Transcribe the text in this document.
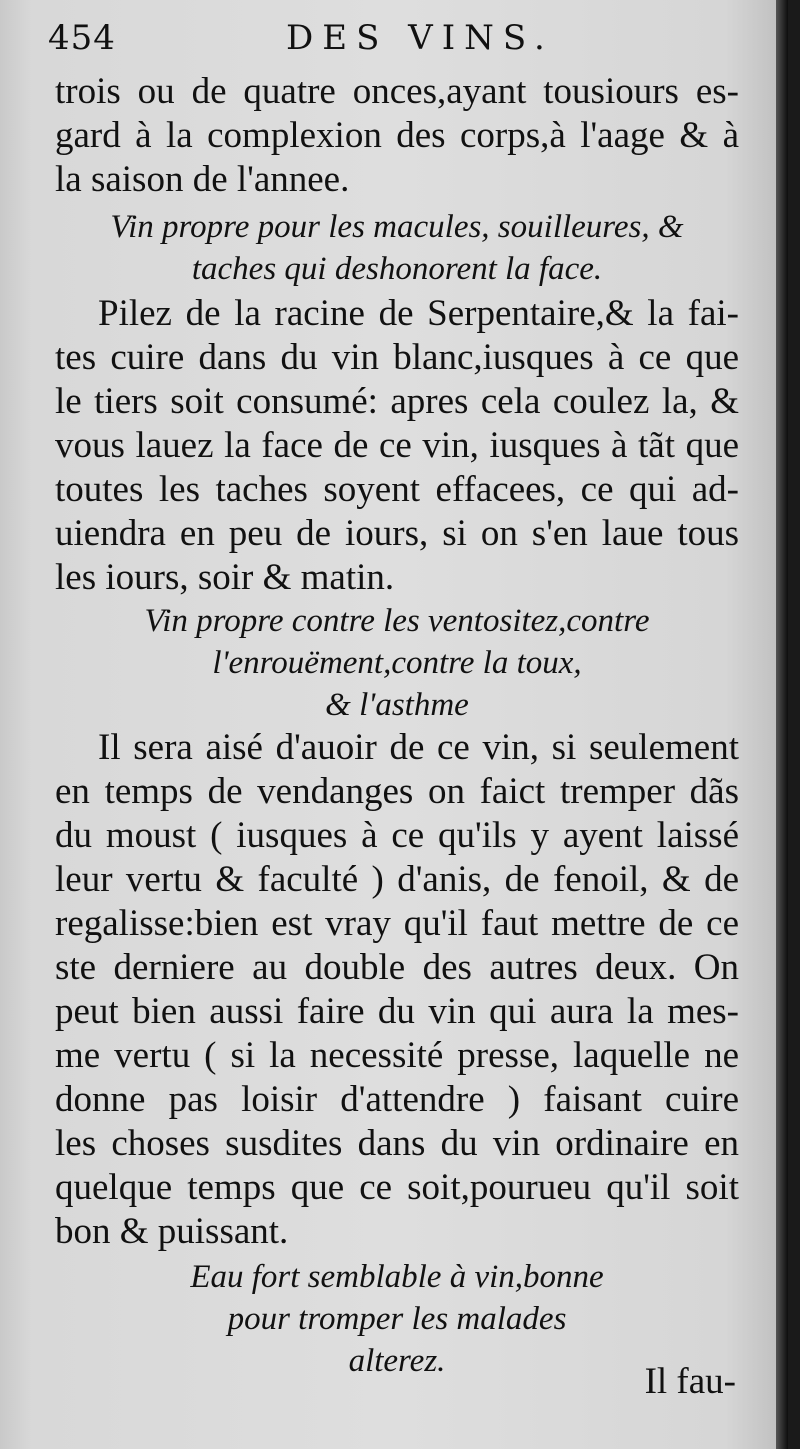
454	DES VINS.
trois ou de quatre onces,ayant tousiours es-
gard à la complexion des corps,à l'aage & à
la saison de l'annee.
Vin propre pour les macules, souilleures, &
taches qui deshonorent la face.
Pilez de la racine de Serpentaire,& la fai-
tes cuire dans du vin blanc,iusques à ce que
le tiers soit consumé: apres cela coulez la, &
vous lauez la face de ce vin, iusques à tãt que
toutes les taches soyent effacees, ce qui ad-
uiendra en peu de iours, si on s'en laue tous
les iours, soir & matin.
Vin propre contre les ventositez,contre
l'enrouëment,contre la toux,
& l'asthme
Il sera aisé d'auoir de ce vin, si seulement
en temps de vendanges on faict tremper dãs
du moust ( iusques à ce qu'ils y ayent laissé
leur vertu & faculté ) d'anis, de fenoil, & de
regalisse:bien est vray qu'il faut mettre de ce
ste derniere au double des autres deux. On
peut bien aussi faire du vin qui aura la mes-
me vertu ( si la necessité presse, laquelle ne
donne pas loisir d'attendre ) faisant cuire
les choses susdites dans du vin ordinaire en
quelque temps que ce soit,pourueu qu'il soit
bon & puissant.
Eau fort semblable à vin,bonne
pour tromper les malades
alterez.	Il fau-
